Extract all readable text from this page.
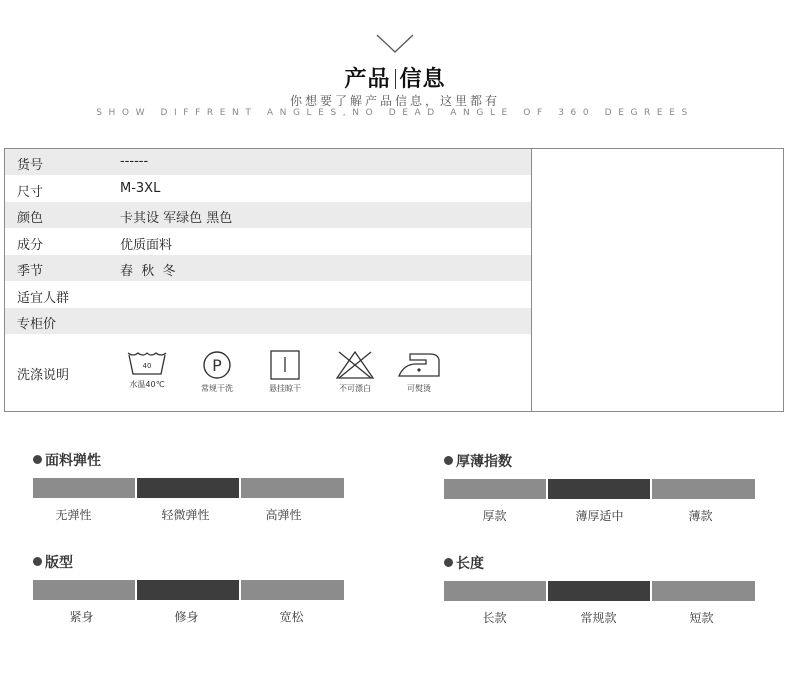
产品 信息
你想要了解产品信息，这里都有
SHOW DIFFRENT ANGLES,NO DEAD ANGLE OF 360 DEGREES
货号	------
尺寸	M-3XL
颜色	卡其设 军绿色 黑色
成分	优质面料
季节	春  秋  冬
适宜人群
专柜价
洗涤说明
40
水温40℃
P
常规干洗	悬挂晾干	不可漂白	可熨烫
面料弹性
无弹性	轻微弹性	高弹性
厚薄指数
厚款	薄厚适中	薄款
版型
紧身	修身	宽松
长度
长款	常规款	短款
